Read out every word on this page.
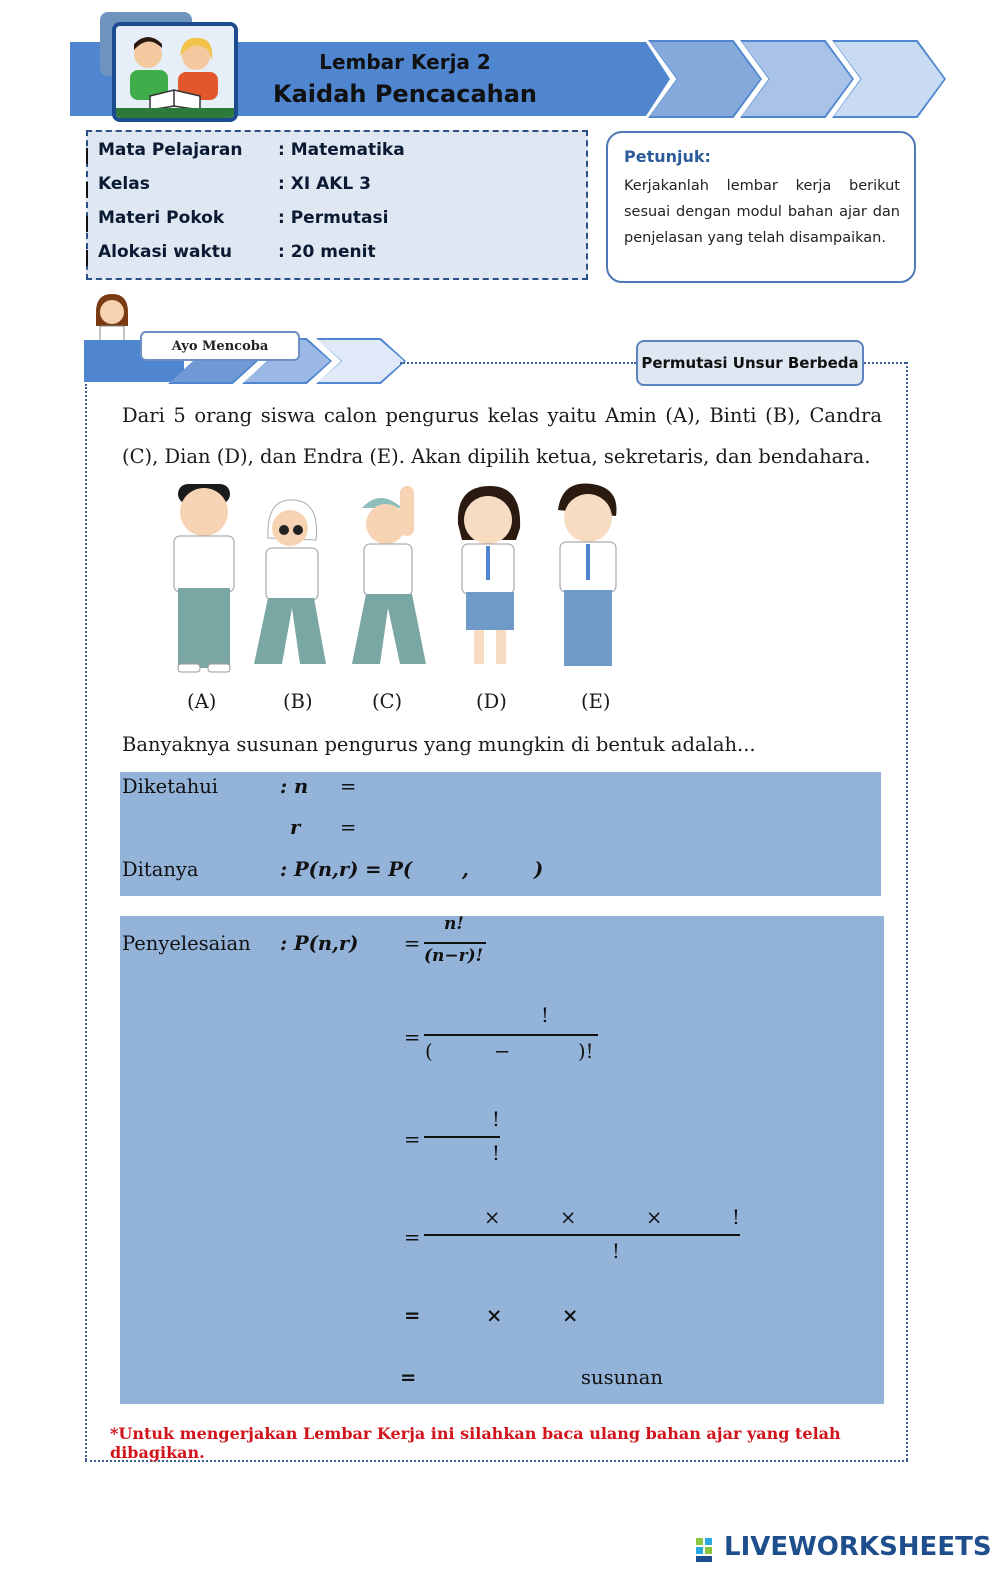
Lembar Kerja 2
Kaidah Pencacahan
Mata Pelajaran : Matematika
Kelas	: XI AKL 3
Materi Pokok	: Permutasi
Alokasi waktu	: 20 menit
Petunjuk:
Kerjakanlah lembar kerja berikut sesuai dengan modul bahan ajar dan penjelasan yang telah disampaikan.
Ayo Mencoba
Permutasi Unsur Berbeda
Dari 5 orang siswa calon pengurus kelas yaitu Amin (A), Binti (B), Candra (C), Dian (D), dan Endra (E). Akan dipilih ketua, sekretaris, dan bendahara.
(A)	(B)	(C)	(D)	(E)
Banyaknya susunan pengurus yang mungkin di bentuk adalah...
Diketahui	: n =
r =
Ditanya	: P(n,r) = P(	,	)
Penyelesaian : P(n,r) =
n!
(n−r)!
=
!
(	−	)!
=
!
!
=
×	×	×	!
!
=	×	×
=	susunan
*Untuk mengerjakan Lembar Kerja ini silahkan baca ulang bahan ajar yang telah dibagikan.
LIVEWORKSHEETS
